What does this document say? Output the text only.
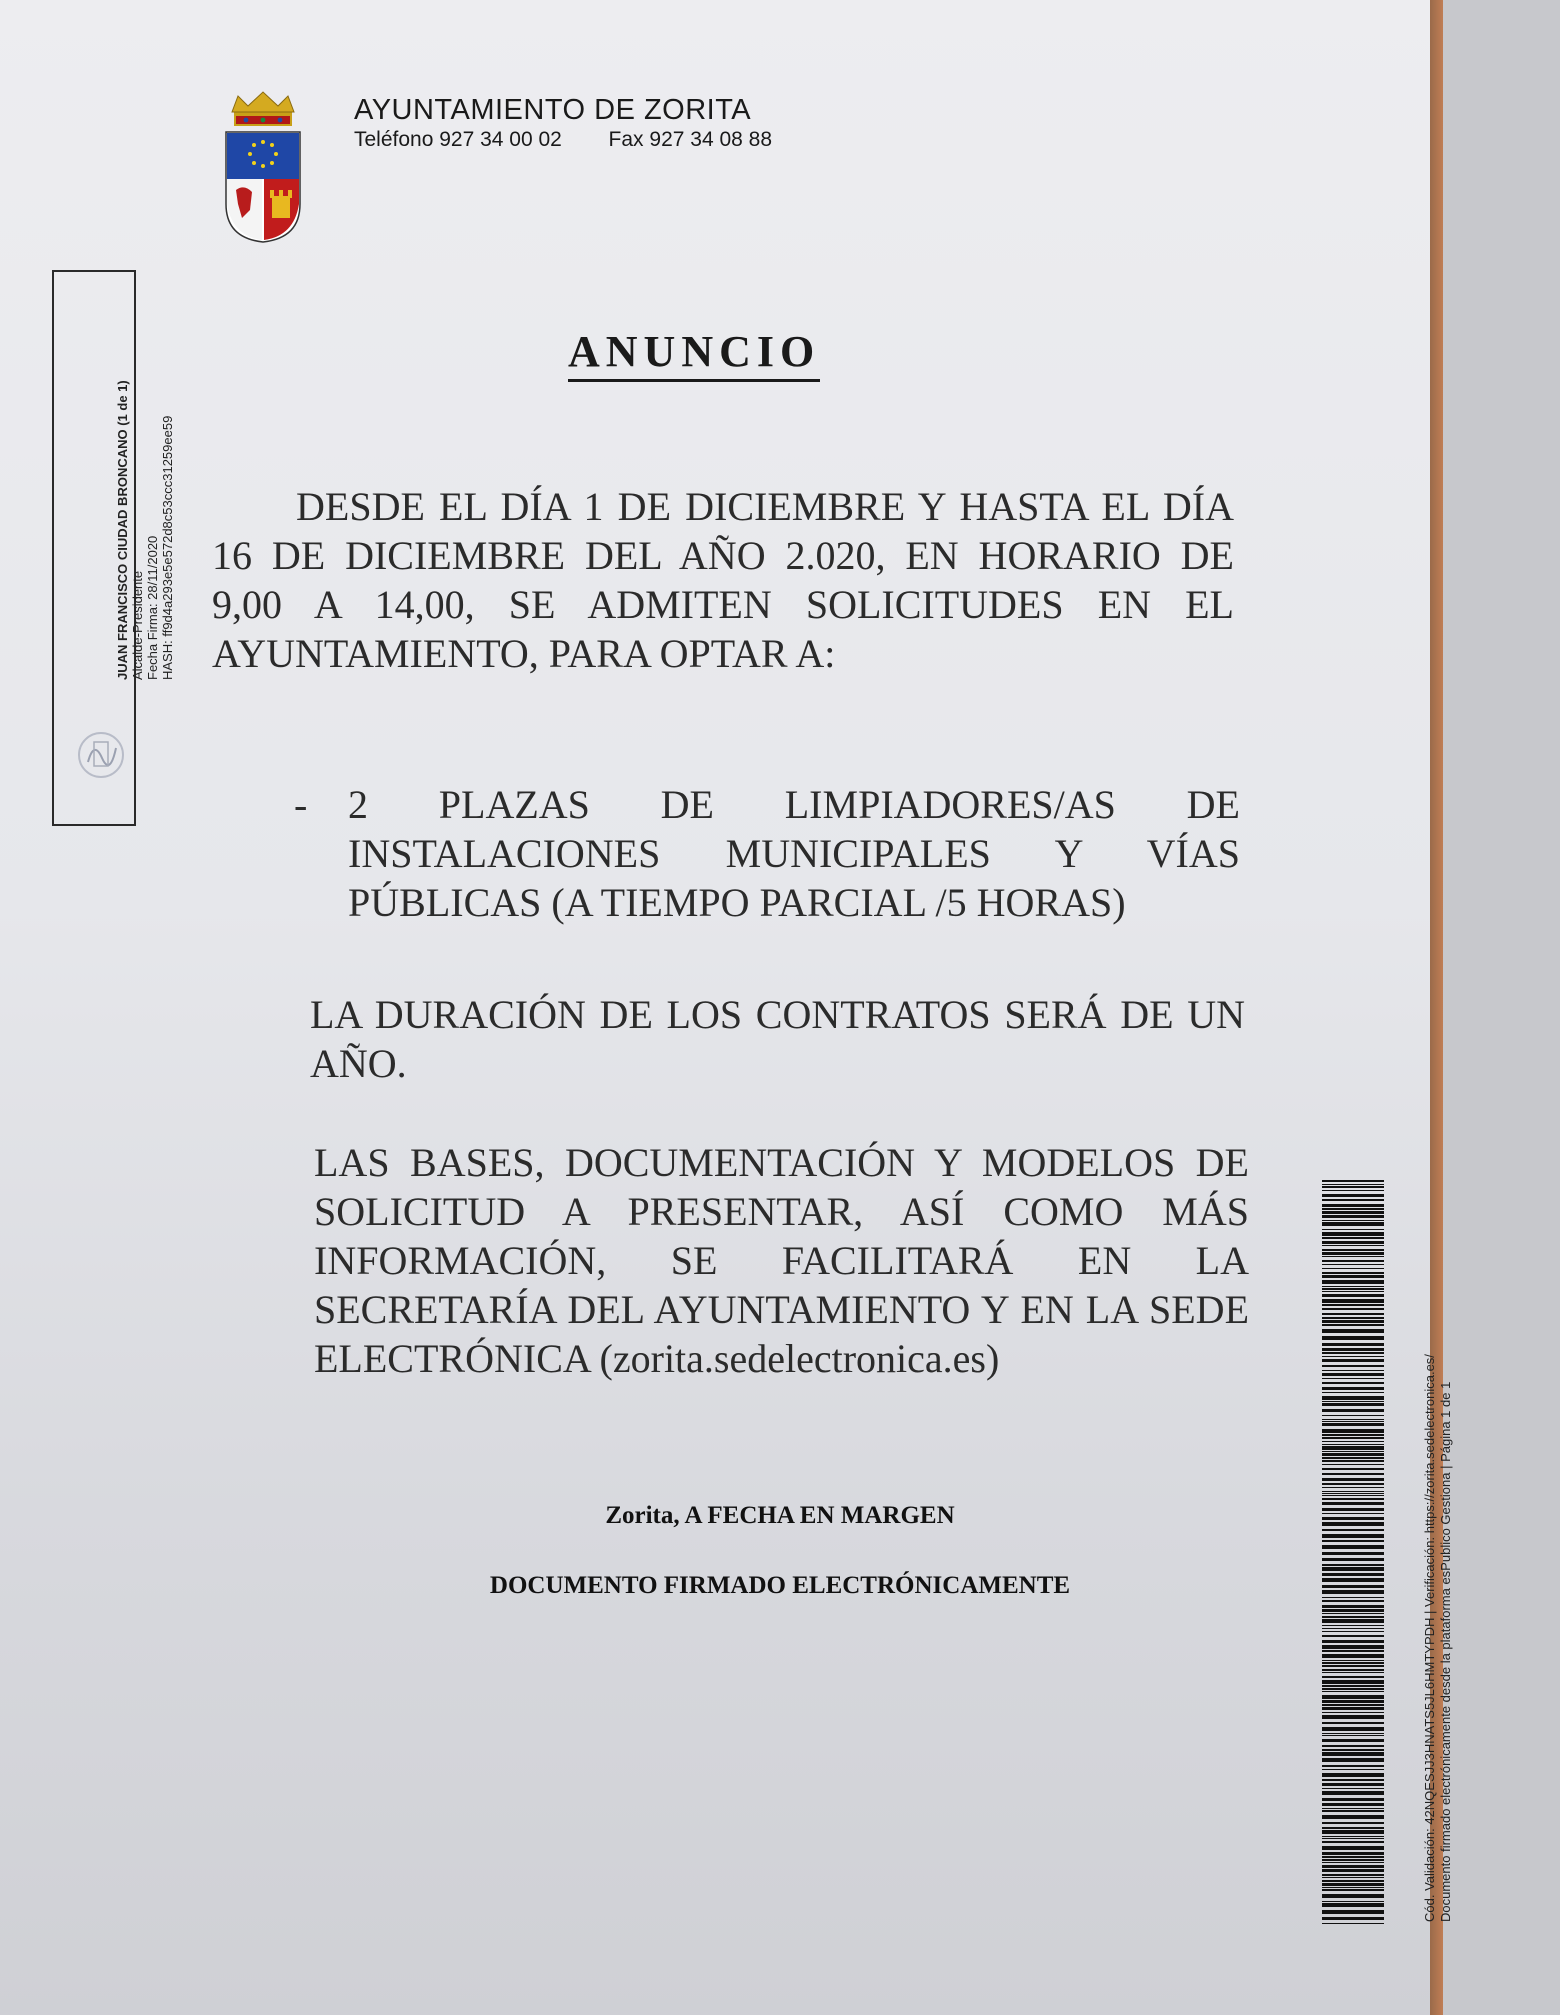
AYUNTAMIENTO DE ZORITA
Teléfono 927 34 00 02 Fax 927 34 08 88
JUAN FRANCISCO CIUDAD BRONCANO (1 de 1) Alcalde-Presidente Fecha Firma: 28/11/2020 HASH: ff9d4a293e5e572d8c53ccc31259ee59
ANUNCIO
DESDE EL DÍA 1 DE DICIEMBRE Y HASTA EL DÍA 16 DE DICIEMBRE DEL AÑO 2.020, EN HORARIO DE 9,00 A 14,00, SE ADMITEN SOLICITUDES EN EL AYUNTAMIENTO, PARA OPTAR A:
-	2 PLAZAS DE LIMPIADORES/AS DE INSTALACIONES MUNICIPALES Y VÍAS PÚBLICAS (A TIEMPO PARCIAL /5 HORAS)
LA DURACIÓN DE LOS CONTRATOS SERÁ DE UN AÑO.
LAS BASES, DOCUMENTACIÓN Y MODELOS DE SOLICITUD A PRESENTAR, ASÍ COMO MÁS INFORMACIÓN, SE FACILITARÁ EN LA SECRETARÍA DEL AYUNTAMIENTO Y EN LA SEDE ELECTRÓNICA (zorita.sedelectronica.es)
Zorita, A FECHA EN MARGEN
DOCUMENTO FIRMADO ELECTRÓNICAMENTE	Cód. Validación: 42NQESJJ3HNATS5JL6HMTYPDH | Verificación: https://zorita.sedelectronica.es/ Documento firmado electrónicamente desde la plataforma esPublico Gestiona | Página 1 de 1
